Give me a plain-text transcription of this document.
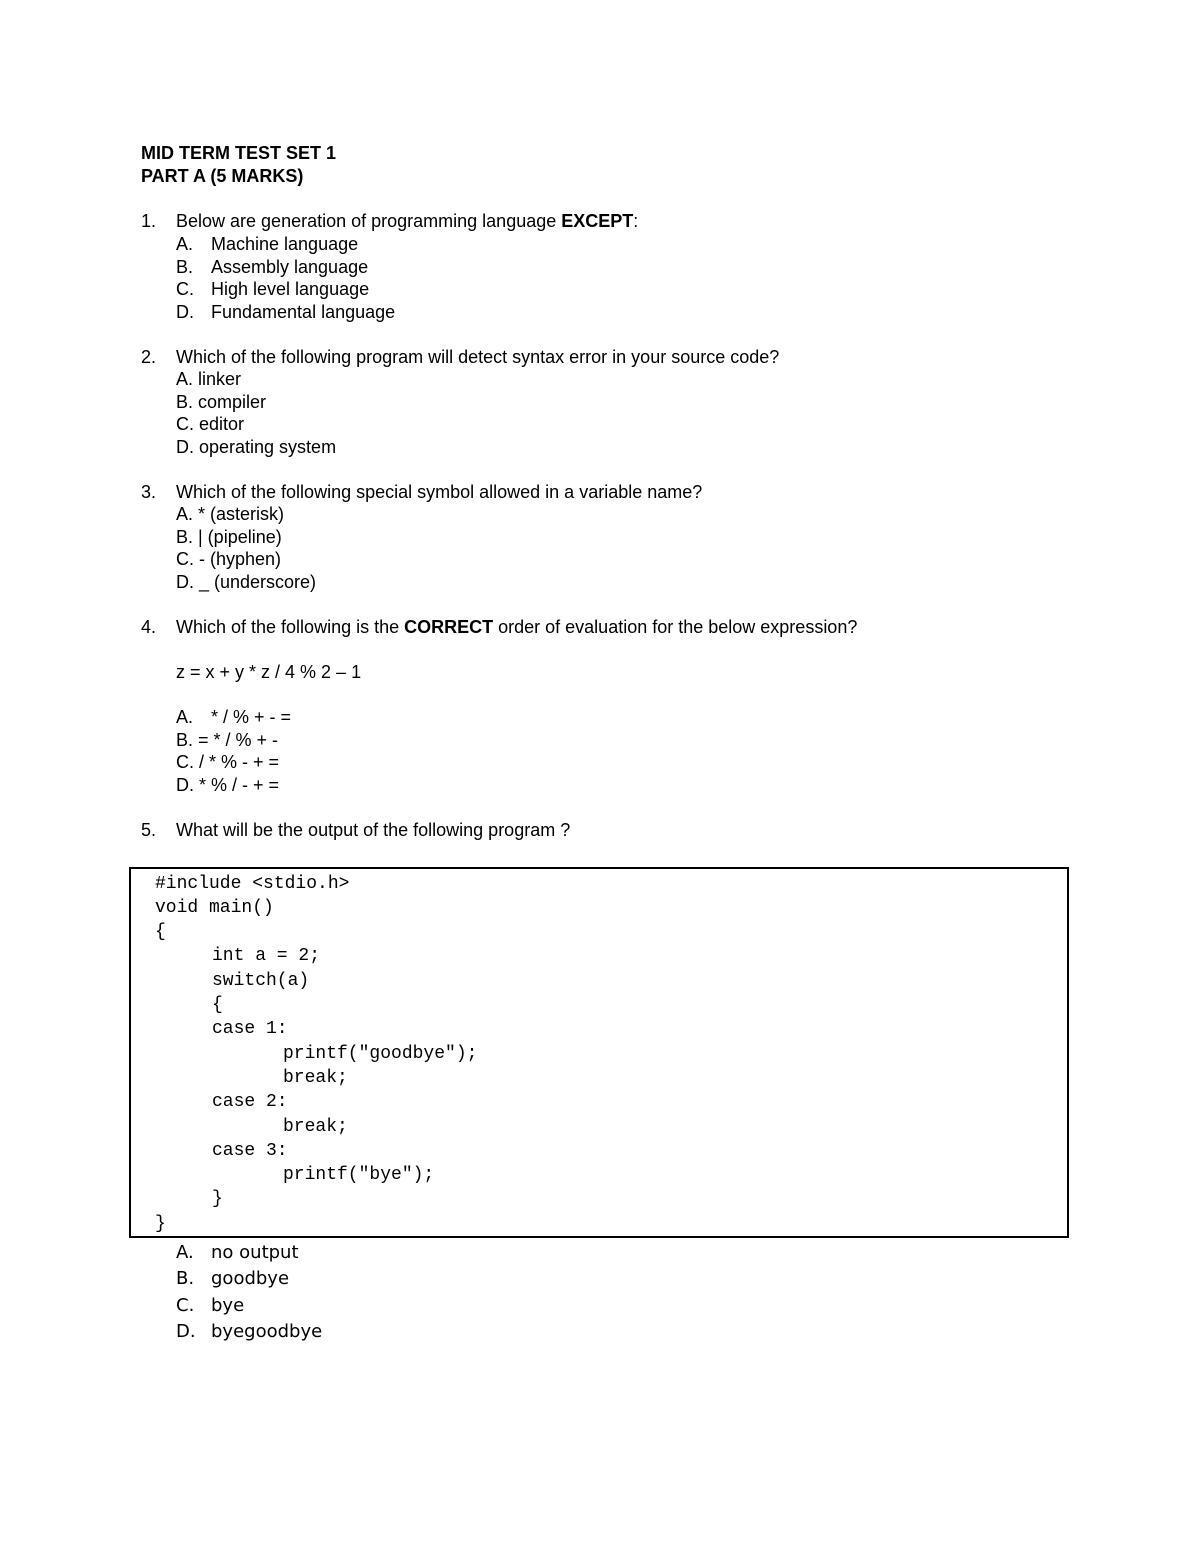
MID TERM TEST SET 1
PART A (5 MARKS)
1. Below are generation of programming language EXCEPT:
A. Machine language
B. Assembly language
C. High level language
D. Fundamental language
2. Which of the following program will detect syntax error in your source code?
A. linker
B. compiler
C. editor
D. operating system
3. Which of the following special symbol allowed in a variable name?
A. * (asterisk)
B. | (pipeline)
C. - (hyphen)
D. _ (underscore)
4. Which of the following is the CORRECT order of evaluation for the below expression?
z = x + y * z / 4 % 2 – 1
A. * / % + - =
B. = * / % + -
C. / * % - + =
D. * % / - + =
5. What will be the output of the following program ?
#include <stdio.h>
void main()
{
int a = 2;
switch(a)
{
case 1:
printf("goodbye");
break;
case 2:
break;
case 3:
printf("bye");
}
}
A. no output
B. goodbye
C. bye
D. byegoodbye
